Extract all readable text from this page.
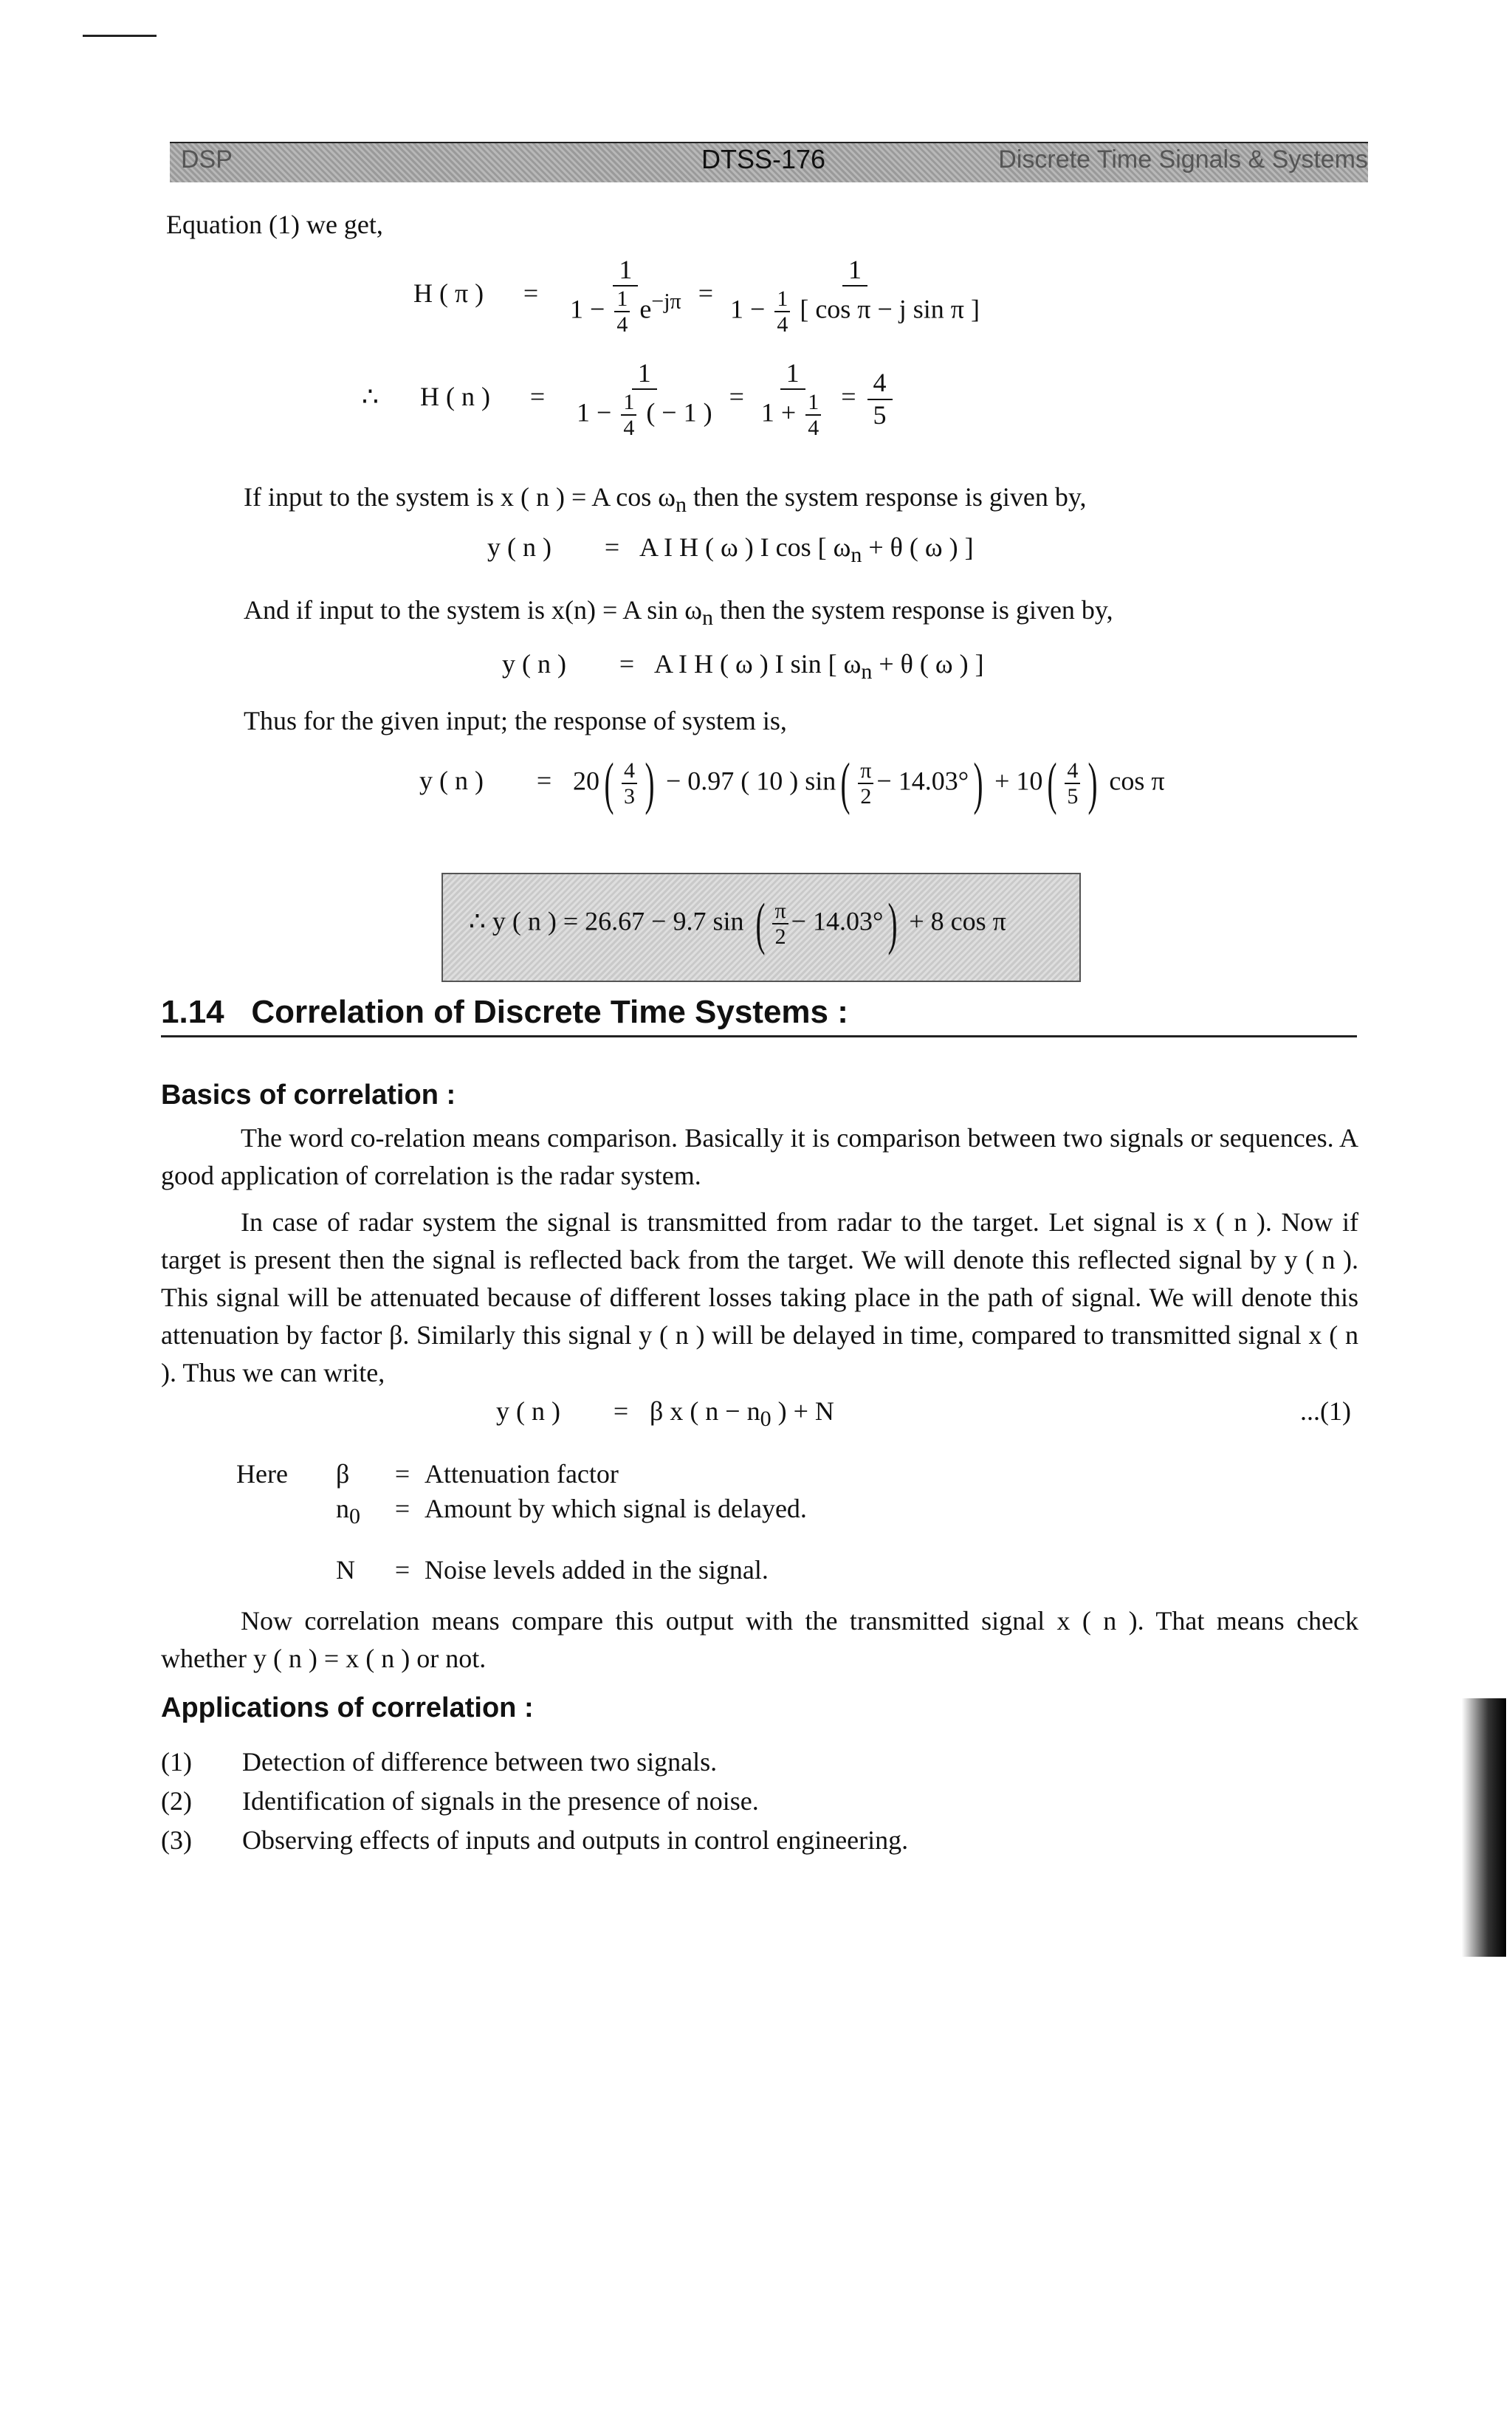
DSP	DTSS-176	Discrete Time Signals & Systems
Equation (1) we get,
H ( π ) = $\frac{1}{1 - \frac{1}{4} e^{-j\pi}} = \frac{1}{1 - \frac{1}{4} [ \cos \pi - j \sin \pi ]}$
∴ H ( n ) = $\frac{1}{1 - \frac{1}{4} ( - 1 )} = \frac{1}{1 + \frac{1}{4}} = \frac{4}{5}$
If input to the system is x ( n ) = A $\cos \omega_n$ then the system response is given by,
y ( n ) = A I H ( ω ) I cos [ $\omega_n + \theta$ ( ω ) ]
And if input to the system is x(n) = A $\sin \omega_n$ then the system response is given by,
y ( n ) = A I H ( ω ) I sin [ $\omega_n + \theta$ ( ω ) ]
Thus for the given input; the response of system is,
y ( n ) = $20( \frac{4}{3}$ ) − 0.97 ( 10 ) $\sin( \frac{\pi}{2} - 14.03^\circ) + 10( \frac{4}{5}$ ) cos π
∴ y ( n ) = 26.67 − 9.7 sin ( $\frac{\pi}{2} - 14.03^\circ) + 8$ cos π
1.14 Correlation of Discrete Time Systems :
Basics of correlation :
The word co-relation means comparison. Basically it is comparison between two signals or sequences. A good application of correlation is the radar system.
In case of radar system the signal is transmitted from radar to the target. Let signal is x ( n ). Now if target is present then the signal is reflected back from the target. We will denote this reflected signal by y ( n ). This signal will be attenuated because of different losses taking place in the path of signal. We will denote this attenuation by factor β. Similarly this signal y ( n ) will be delayed in time, compared to transmitted signal x ( n ). Thus we can write,
y ( n ) = β x ( $n - n_0$ ) + N	...(1)
Here β = Attenuation factor
$n_0$ = Amount by which signal is delayed.
N = Noise levels added in the signal.
Now correlation means compare this output with the transmitted signal x ( n ). That means check whether y ( n ) = x ( n ) or not.
Applications of correlation :
(1) Detection of difference between two signals.
(2) Identification of signals in the presence of noise.
(3) Observing effects of inputs and outputs in control engineering.
